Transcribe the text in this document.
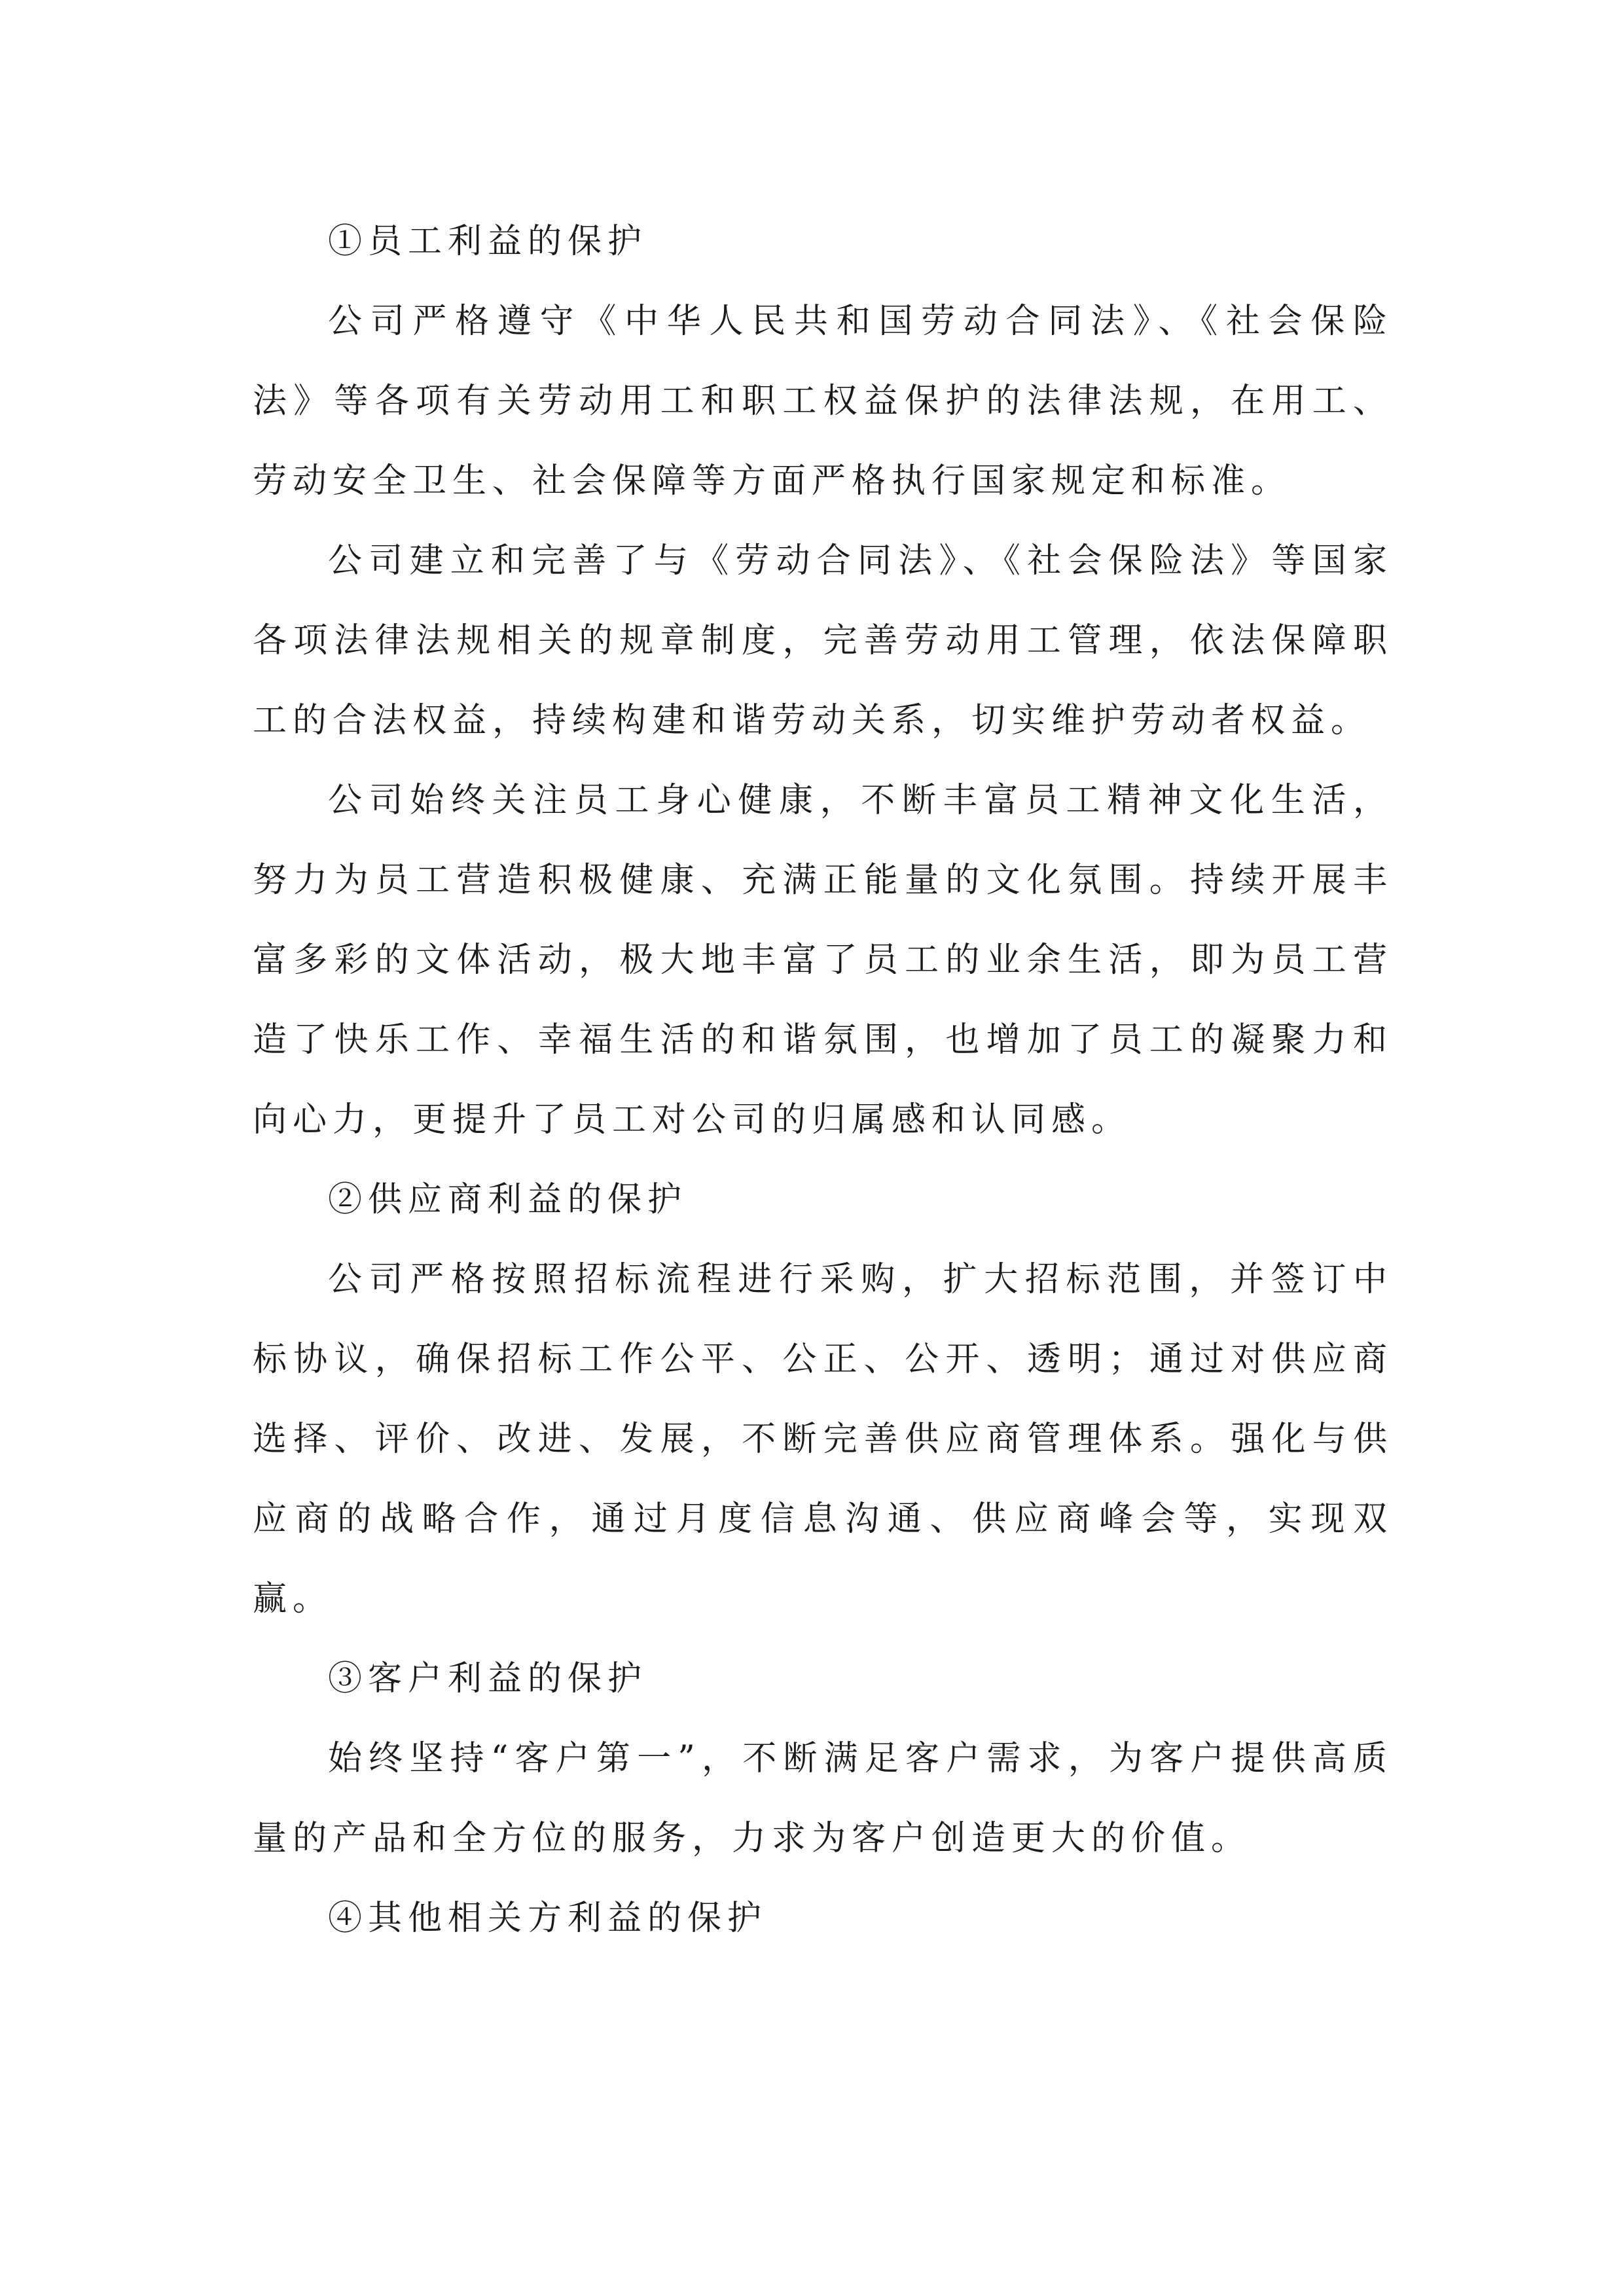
①员工利益的保护

公司严格遵守《中华人民共和国劳动合同法》、《社会保险法》等各项有关劳动用工和职工权益保护的法律法规，在用工、劳动安全卫生、社会保障等方面严格执行国家规定和标准。

公司建立和完善了与《劳动合同法》、《社会保险法》等国家各项法律法规相关的规章制度，完善劳动用工管理，依法保障职工的合法权益，持续构建和谐劳动关系，切实维护劳动者权益。

公司始终关注员工身心健康，不断丰富员工精神文化生活，努力为员工营造积极健康、充满正能量的文化氛围。持续开展丰富多彩的文体活动，极大地丰富了员工的业余生活，即为员工营造了快乐工作、幸福生活的和谐氛围，也增加了员工的凝聚力和向心力，更提升了员工对公司的归属感和认同感。

②供应商利益的保护

公司严格按照招标流程进行采购，扩大招标范围，并签订中标协议，确保招标工作公平、公正、公开、透明；通过对供应商选择、评价、改进、发展，不断完善供应商管理体系。强化与供应商的战略合作，通过月度信息沟通、供应商峰会等，实现双赢。

③客户利益的保护

始终坚持“客户第一”，不断满足客户需求，为客户提供高质量的产品和全方位的服务，力求为客户创造更大的价值。

④其他相关方利益的保护
